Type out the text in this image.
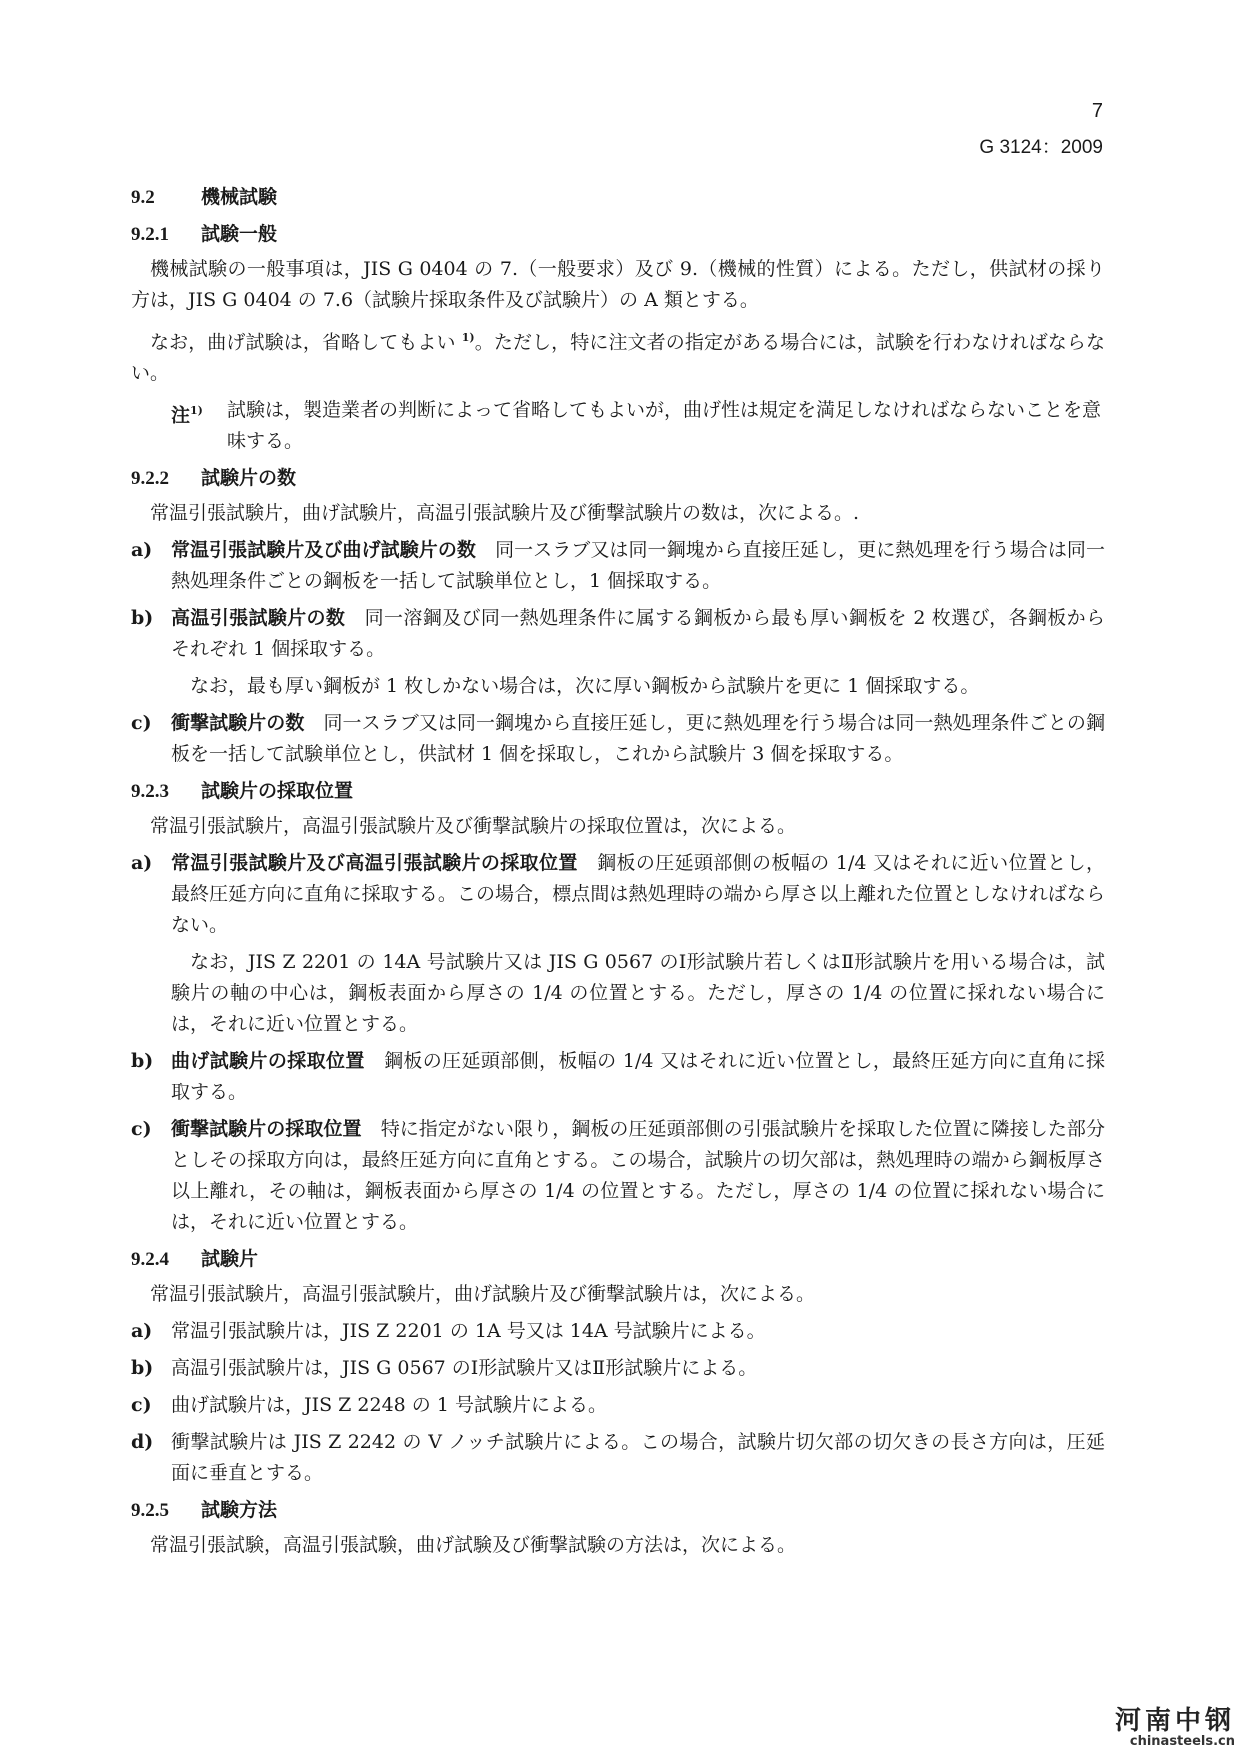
7
G 3124：2009
9.2 機械試験
9.2.1 試験一般
機械試験の一般事項は，JIS G 0404 の 7.（一般要求）及び 9.（機械的性質）による。ただし，供試材の採り方は，JIS G 0404 の 7.6（試験片採取条件及び試験片）の A 類とする。
なお，曲げ試験は，省略してもよい $^{1)}$。ただし，特に注文者の指定がある場合には，試験を行わなければならない。
注$^{1)}$	試験は，製造業者の判断によって省略してもよいが，曲げ性は規定を満足しなければならないことを意味する。
9.2.2 試験片の数
常温引張試験片，曲げ試験片，高温引張試験片及び衝撃試験片の数は，次による。.
a) 常温引張試験片及び曲げ試験片の数　 同一スラブ又は同一鋼塊から直接圧延し，更に熱処理を行う場合は同一熱処理条件ごとの鋼板を一括して試験単位とし，1 個採取する。
b) 高温引張試験片の数　 同一溶鋼及び同一熱処理条件に属する鋼板から最も厚い鋼板を 2 枚選び，各鋼板からそれぞれ 1 個採取する。
なお，最も厚い鋼板が 1 枚しかない場合は，次に厚い鋼板から試験片を更に 1 個採取する。
c)	衝撃試験片の数　 同一スラブ又は同一鋼塊から直接圧延し，更に熱処理を行う場合は同一熱処理条件ごとの鋼板を一括して試験単位とし，供試材 1 個を採取し，これから試験片 3 個を採取する。
9.2.3 試験片の採取位置
常温引張試験片，高温引張試験片及び衝撃試験片の採取位置は，次による。
a) 常温引張試験片及び高温引張試験片の採取位置　 鋼板の圧延頭部側の板幅の 1/4 又はそれに近い位置とし，最終圧延方向に直角に採取する。この場合，標点間は熱処理時の端から厚さ以上離れた位置としなければならない。
なお，JIS Z 2201 の 14A 号試験片又は JIS G 0567 のⅠ形試験片若しくはⅡ形試験片を用いる場合は，試験片の軸の中心は，鋼板表面から厚さの 1/4 の位置とする。ただし，厚さの 1/4 の位置に採れない場合には，それに近い位置とする。
b) 曲げ試験片の採取位置　 鋼板の圧延頭部側，板幅の 1/4 又はそれに近い位置とし，最終圧延方向に直角に採取する。
c)	衝撃試験片の採取位置　 特に指定がない限り，鋼板の圧延頭部側の引張試験片を採取した位置に隣接した部分としその採取方向は，最終圧延方向に直角とする。この場合，試験片の切欠部は，熱処理時の端から鋼板厚さ以上離れ，その軸は，鋼板表面から厚さの 1/4 の位置とする。ただし，厚さの 1/4 の位置に採れない場合には，それに近い位置とする。
9.2.4 試験片
常温引張試験片，高温引張試験片，曲げ試験片及び衝撃試験片は，次による。
a) 常温引張試験片は，JIS Z 2201 の 1A 号又は 14A 号試験片による。
b) 高温引張試験片は，JIS G 0567 のⅠ形試験片又はⅡ形試験片による。
c)	曲げ試験片は，JIS Z 2248 の 1 号試験片による。
d) 衝撃試験片は JIS Z 2242 の V ノッチ試験片による。この場合，試験片切欠部の切欠きの長さ方向は，圧延面に垂直とする。
9.2.5 試験方法
常温引張試験，高温引張試験，曲げ試験及び衝撃試験の方法は，次による。
河南中钢
chinasteels.cn
